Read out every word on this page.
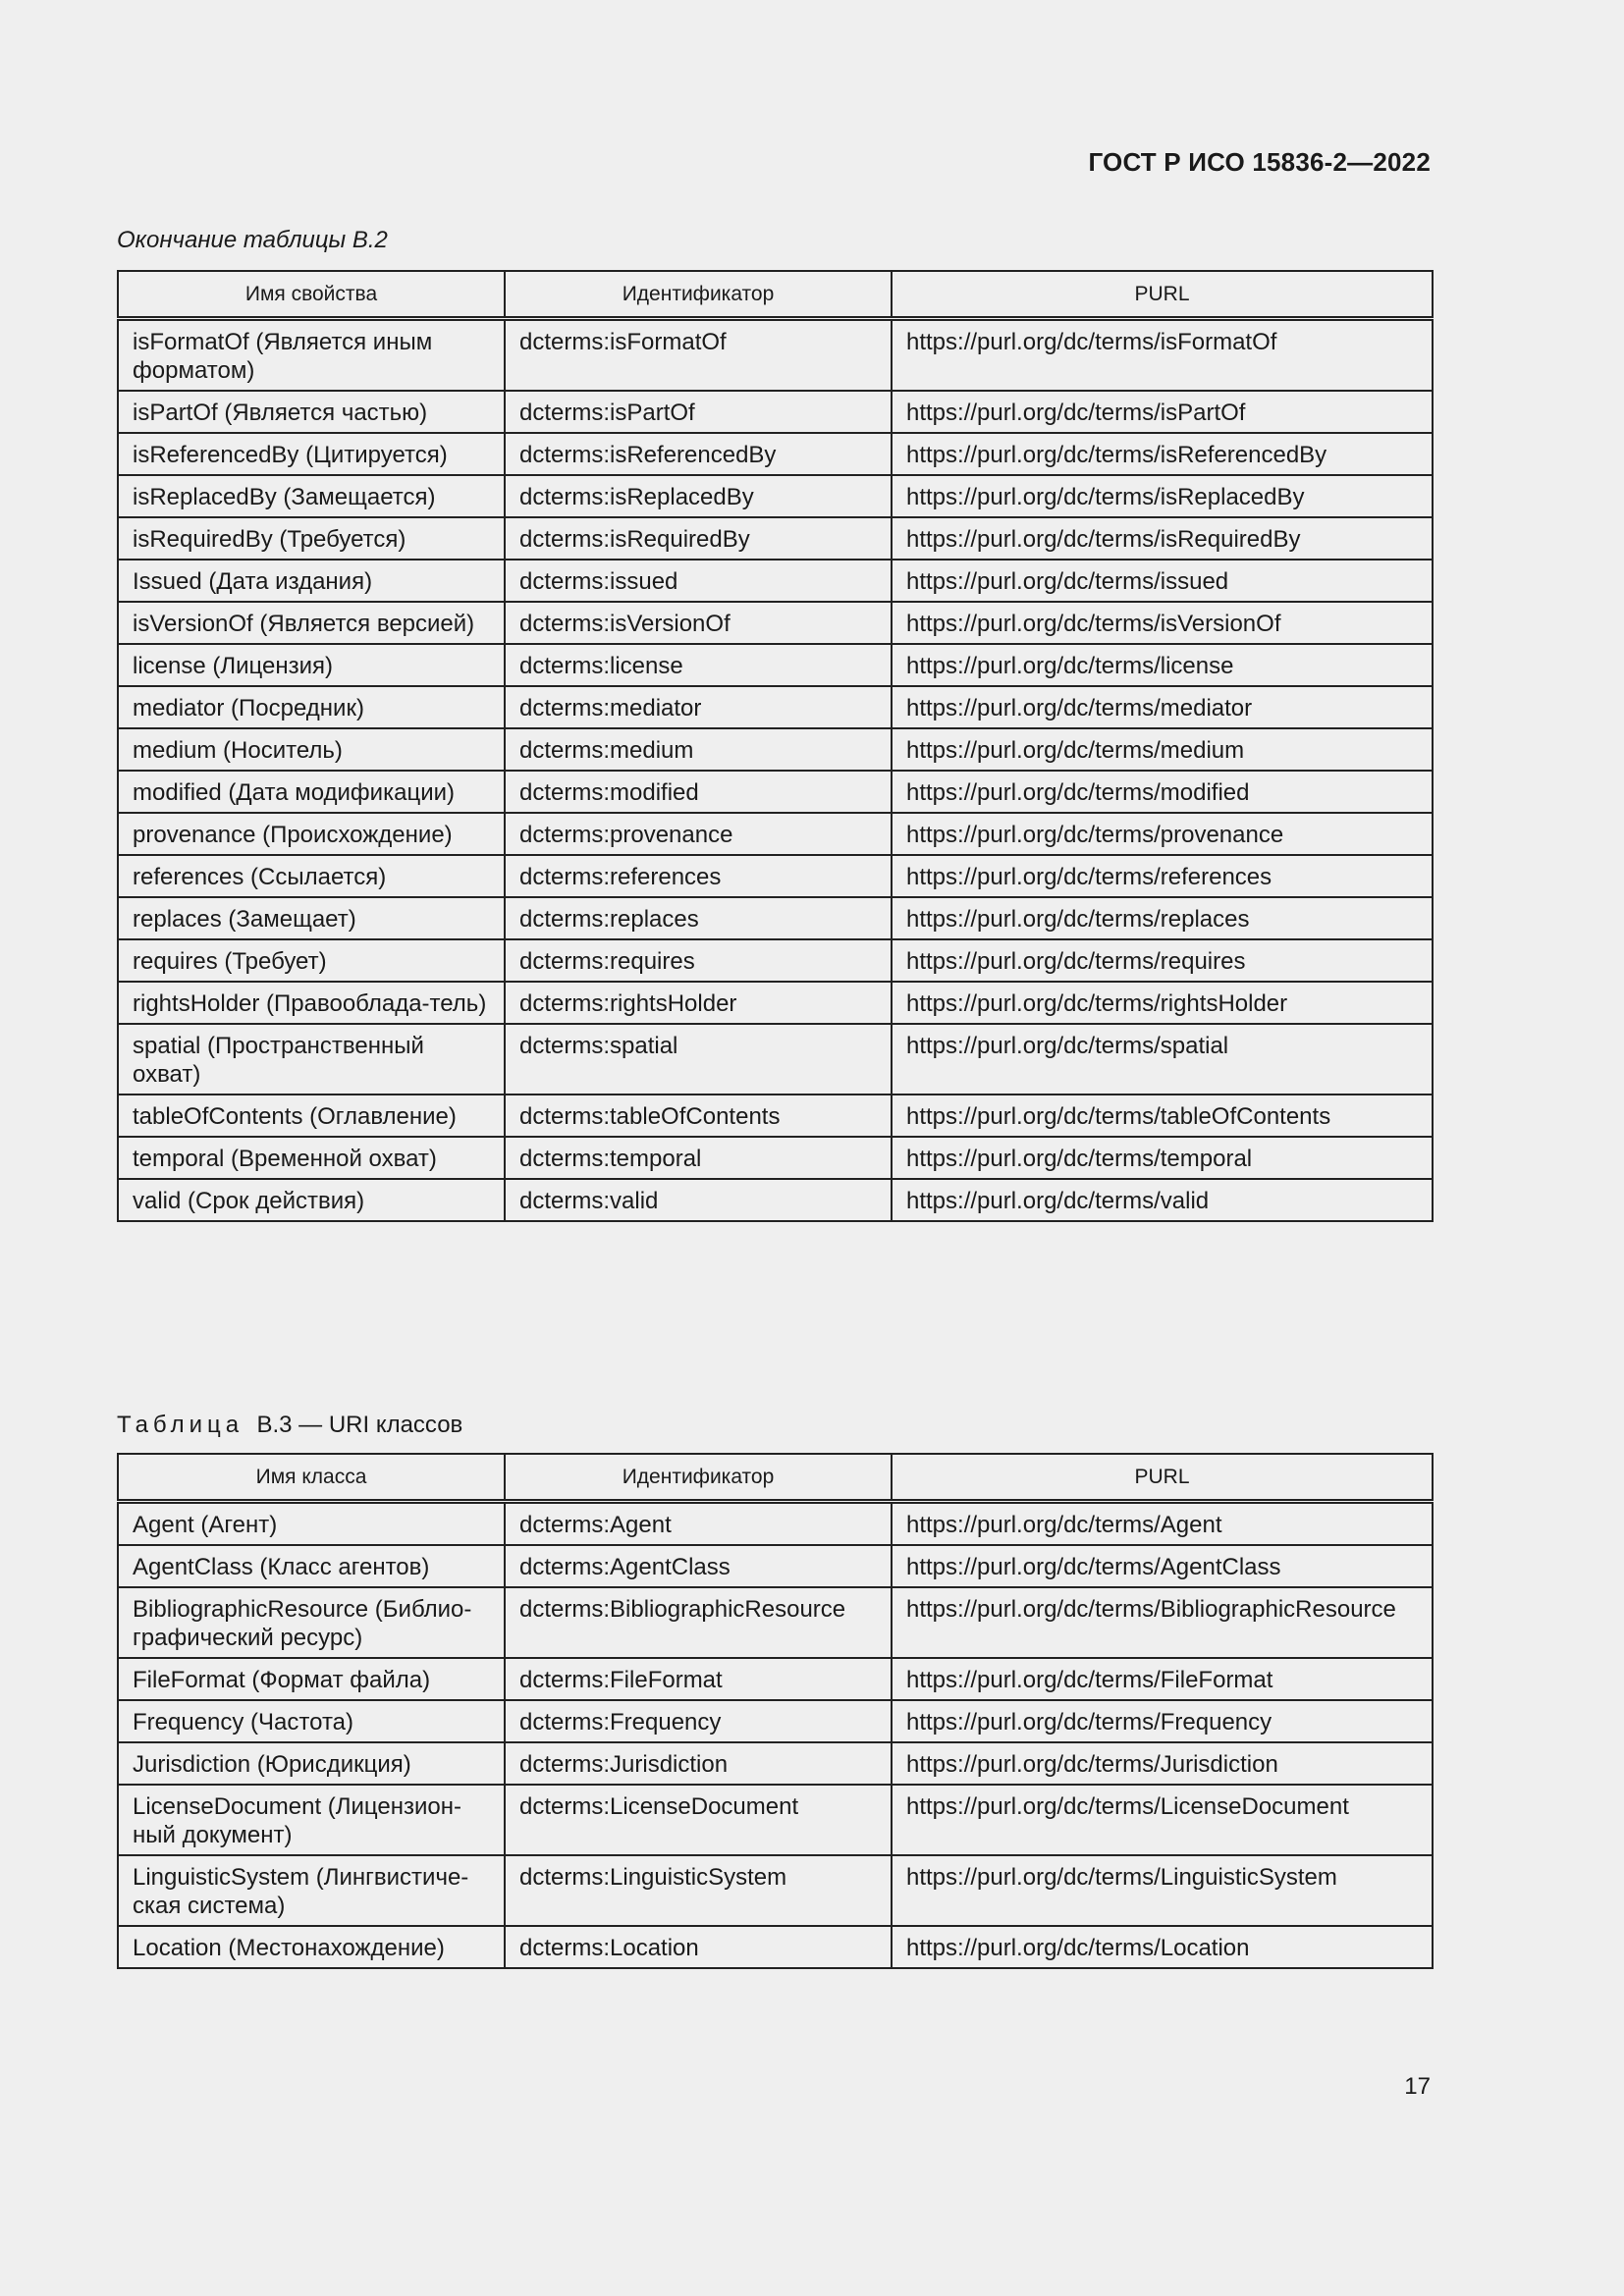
ГОСТ Р ИСО 15836-2—2022
Окончание таблицы В.2
Имя свойства	Идентификатор	PURL
isFormatOf (Является иным форматом)	dcterms:isFormatOf	https://purl.org/dc/terms/isFormatOf
isPartOf (Является частью)	dcterms:isPartOf	https://purl.org/dc/terms/isPartOf
isReferencedBy (Цитируется)	dcterms:isReferencedBy	https://purl.org/dc/terms/isReferencedBy
isReplacedBy (Замещается)	dcterms:isReplacedBy	https://purl.org/dc/terms/isReplacedBy
isRequiredBy (Требуется)	dcterms:isRequiredBy	https://purl.org/dc/terms/isRequiredBy
Issued (Дата издания)	dcterms:issued	https://purl.org/dc/terms/issued
isVersionOf (Является версией)	dcterms:isVersionOf	https://purl.org/dc/terms/isVersionOf
license (Лицензия)	dcterms:license	https://purl.org/dc/terms/license
mediator (Посредник)	dcterms:mediator	https://purl.org/dc/terms/mediator
medium (Носитель)	dcterms:medium	https://purl.org/dc/terms/medium
modified (Дата модификации)	dcterms:modified	https://purl.org/dc/terms/modified
provenance (Происхождение)	dcterms:provenance	https://purl.org/dc/terms/provenance
references (Ссылается)	dcterms:references	https://purl.org/dc/terms/references
replaces (Замещает)	dcterms:replaces	https://purl.org/dc/terms/replaces
requires (Требует)	dcterms:requires	https://purl.org/dc/terms/requires
rightsHolder (Правооблада-тель)	dcterms:rightsHolder	https://purl.org/dc/terms/rightsHolder
spatial (Пространственный охват)	dcterms:spatial	https://purl.org/dc/terms/spatial
tableOfContents (Оглавление)	dcterms:tableOfContents	https://purl.org/dc/terms/tableOfContents
temporal (Временной охват)	dcterms:temporal	https://purl.org/dc/terms/temporal
valid (Срок действия)	dcterms:valid	https://purl.org/dc/terms/valid
Таблица В.3 — URI классов
Имя класса	Идентификатор	PURL
Agent (Агент)	dcterms:Agent	https://purl.org/dc/terms/Agent
AgentClass (Класс агентов)	dcterms:AgentClass	https://purl.org/dc/terms/AgentClass
BibliographicResource (Библио-графический ресурс)	dcterms:BibliographicResource	https://purl.org/dc/terms/BibliographicResource
FileFormat (Формат файла)	dcterms:FileFormat	https://purl.org/dc/terms/FileFormat
Frequency (Частота)	dcterms:Frequency	https://purl.org/dc/terms/Frequency
Jurisdiction (Юрисдикция)	dcterms:Jurisdiction	https://purl.org/dc/terms/Jurisdiction
LicenseDocument (Лицензион-ный документ)	dcterms:LicenseDocument	https://purl.org/dc/terms/LicenseDocument
LinguisticSystem (Лингвистиче-ская система)	dcterms:LinguisticSystem	https://purl.org/dc/terms/LinguisticSystem
Location (Местонахождение)	dcterms:Location	https://purl.org/dc/terms/Location
17
